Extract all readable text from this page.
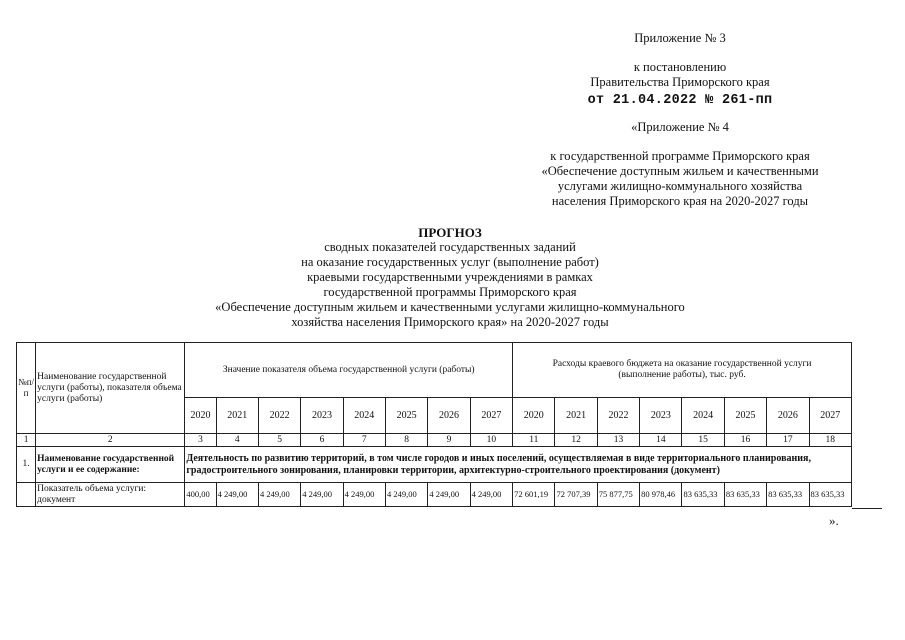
Приложение № 3
к постановлению
Правительства Приморского края
от 21.04.2022 № 261-пп
«Приложение № 4
к государственной программе Приморского края
«Обеспечение доступным жильем и качественными
услугами жилищно-коммунального хозяйства
населения Приморского края на 2020-2027 годы
ПРОГНОЗ
сводных показателей государственных заданий
на оказание государственных услуг (выполнение работ)
краевыми государственными учреждениями в рамках
государственной программы Приморского края
«Обеспечение доступным жильем и качественными услугами жилищно-коммунального
хозяйства населения Приморского края» на 2020-2027 годы
№п/п	Наименование государственной услуги (работы), показателя объема услуги (работы)	Значение показателя объема государственной услуги (работы)								Расходы краевого бюджета на оказание государственной услуги (выполнение работы), тыс. руб.							
		2020	2021	2022	2023	2024	2025	2026	2027	2020	2021	2022	2023	2024	2025	2026	2027
1	2	3	4	5	6	7	8	9	10	11	12	13	14	15	16	17	18
1.	Наименование государственной услуги и ее содержание:	Деятельность по развитию территорий, в том числе городов и иных поселений, осуществляемая в виде территориального планирования, градостроительного зонирования, планировки территории, архитектурно-строительного проектирования (документ)															
	Показатель объема услуги: документ	400,00	4 249,00	4 249,00	4 249,00	4 249,00	4 249,00	4 249,00	4 249,00	72 601,19	72 707,39	75 877,75	80 978,46	83 635,33	83 635,33	83 635,33	83 635,33
».
